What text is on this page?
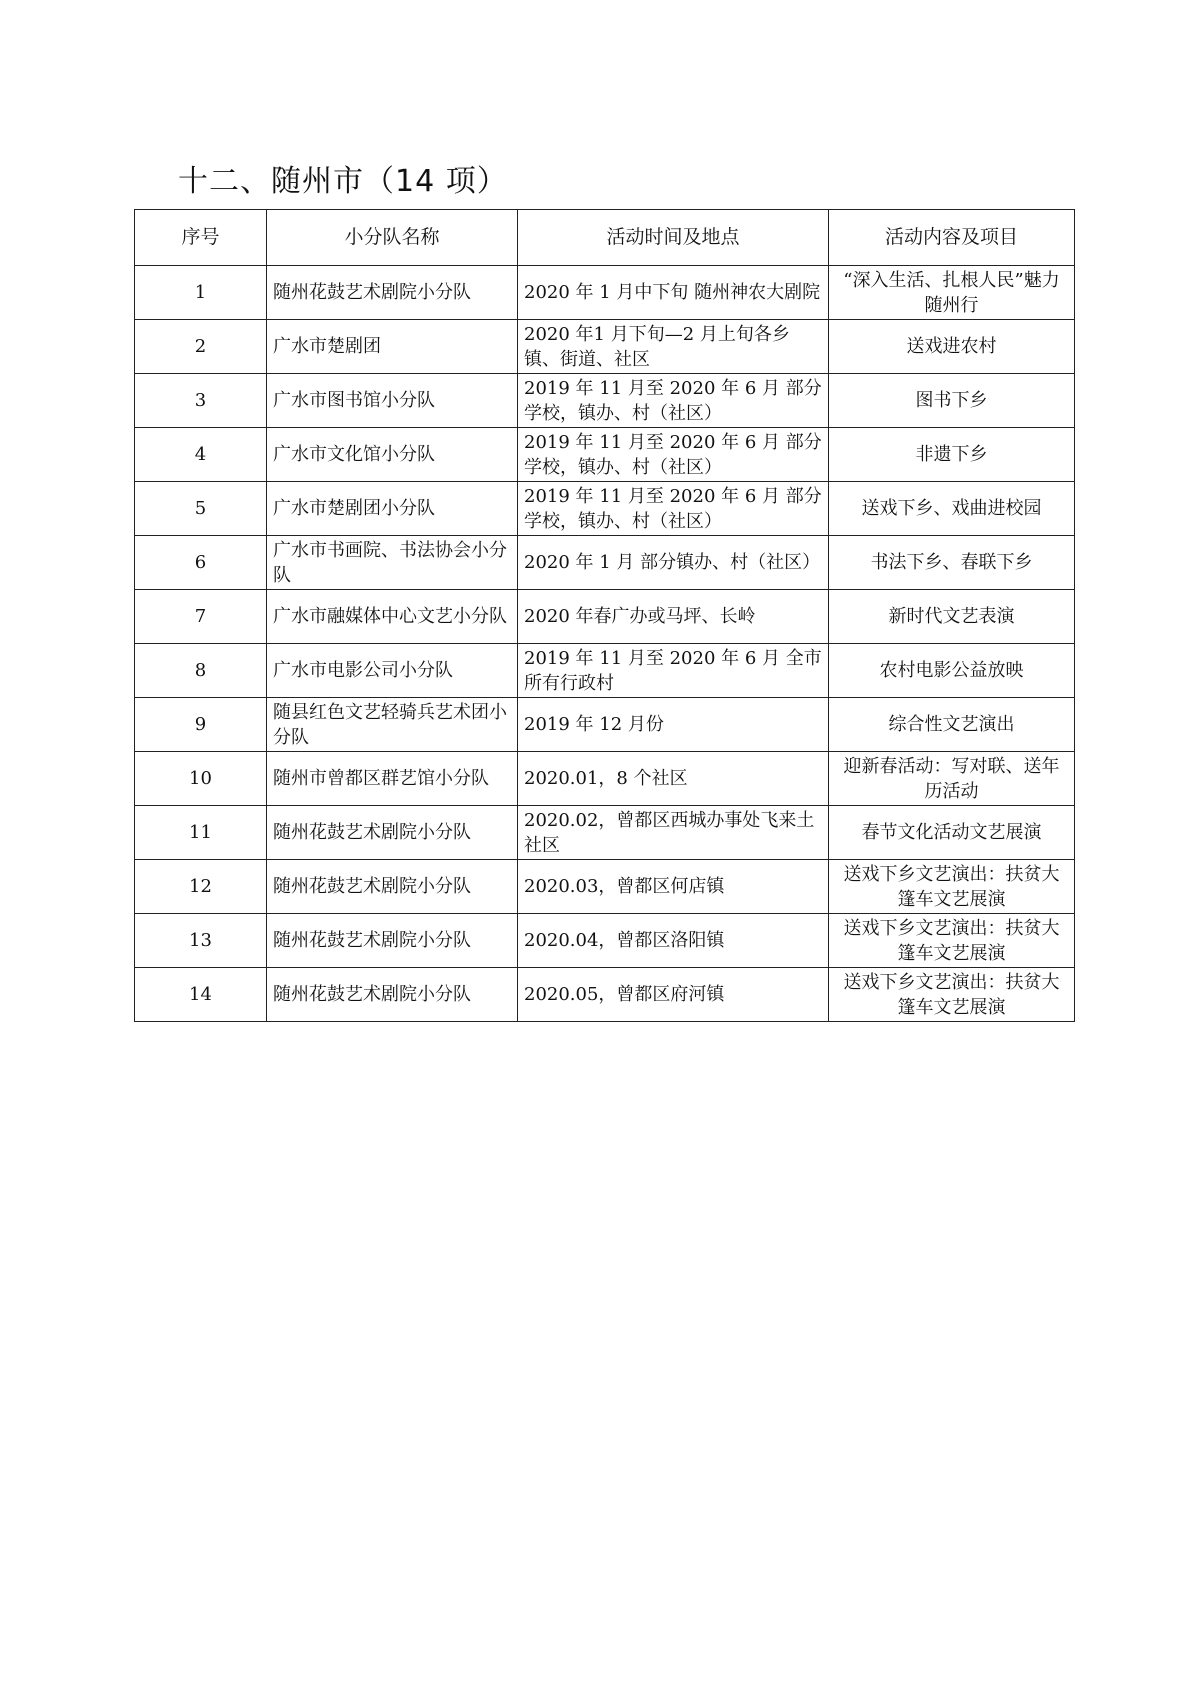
十二、随州市（14 项）
序号	小分队名称	活动时间及地点	活动内容及项目
1	随州花鼓艺术剧院小分队	2020 年 1 月中下旬 随州神农大剧院	“深入生活、扎根人民”魅力随州行
2	广水市楚剧团	2020 年1 月下旬—2 月上旬各乡镇、街道、社区	送戏进农村
3	广水市图书馆小分队	2019 年 11 月至 2020 年 6 月 部分学校，镇办、村（社区）	图书下乡
4	广水市文化馆小分队	2019 年 11 月至 2020 年 6 月 部分学校，镇办、村（社区）	非遗下乡
5	广水市楚剧团小分队	2019 年 11 月至 2020 年 6 月 部分学校，镇办、村（社区）	送戏下乡、戏曲进校园
6	广水市书画院、书法协会小分队	2020 年 1 月 部分镇办、村（社区）	书法下乡、春联下乡
7	广水市融媒体中心文艺小分队	2020 年春广办或马坪、长岭	新时代文艺表演
8	广水市电影公司小分队	2019 年 11 月至 2020 年 6 月 全市所有行政村	农村电影公益放映
9	随县红色文艺轻骑兵艺术团小分队	2019 年 12 月份	综合性文艺演出
10	随州市曾都区群艺馆小分队	2020.01，8 个社区	迎新春活动：写对联、送年历活动
11	随州花鼓艺术剧院小分队	2020.02，曾都区西城办事处飞来土社区	春节文化活动文艺展演
12	随州花鼓艺术剧院小分队	2020.03，曾都区何店镇	送戏下乡文艺演出：扶贫大篷车文艺展演
13	随州花鼓艺术剧院小分队	2020.04，曾都区洛阳镇	送戏下乡文艺演出：扶贫大篷车文艺展演
14	随州花鼓艺术剧院小分队	2020.05，曾都区府河镇	送戏下乡文艺演出：扶贫大篷车文艺展演
